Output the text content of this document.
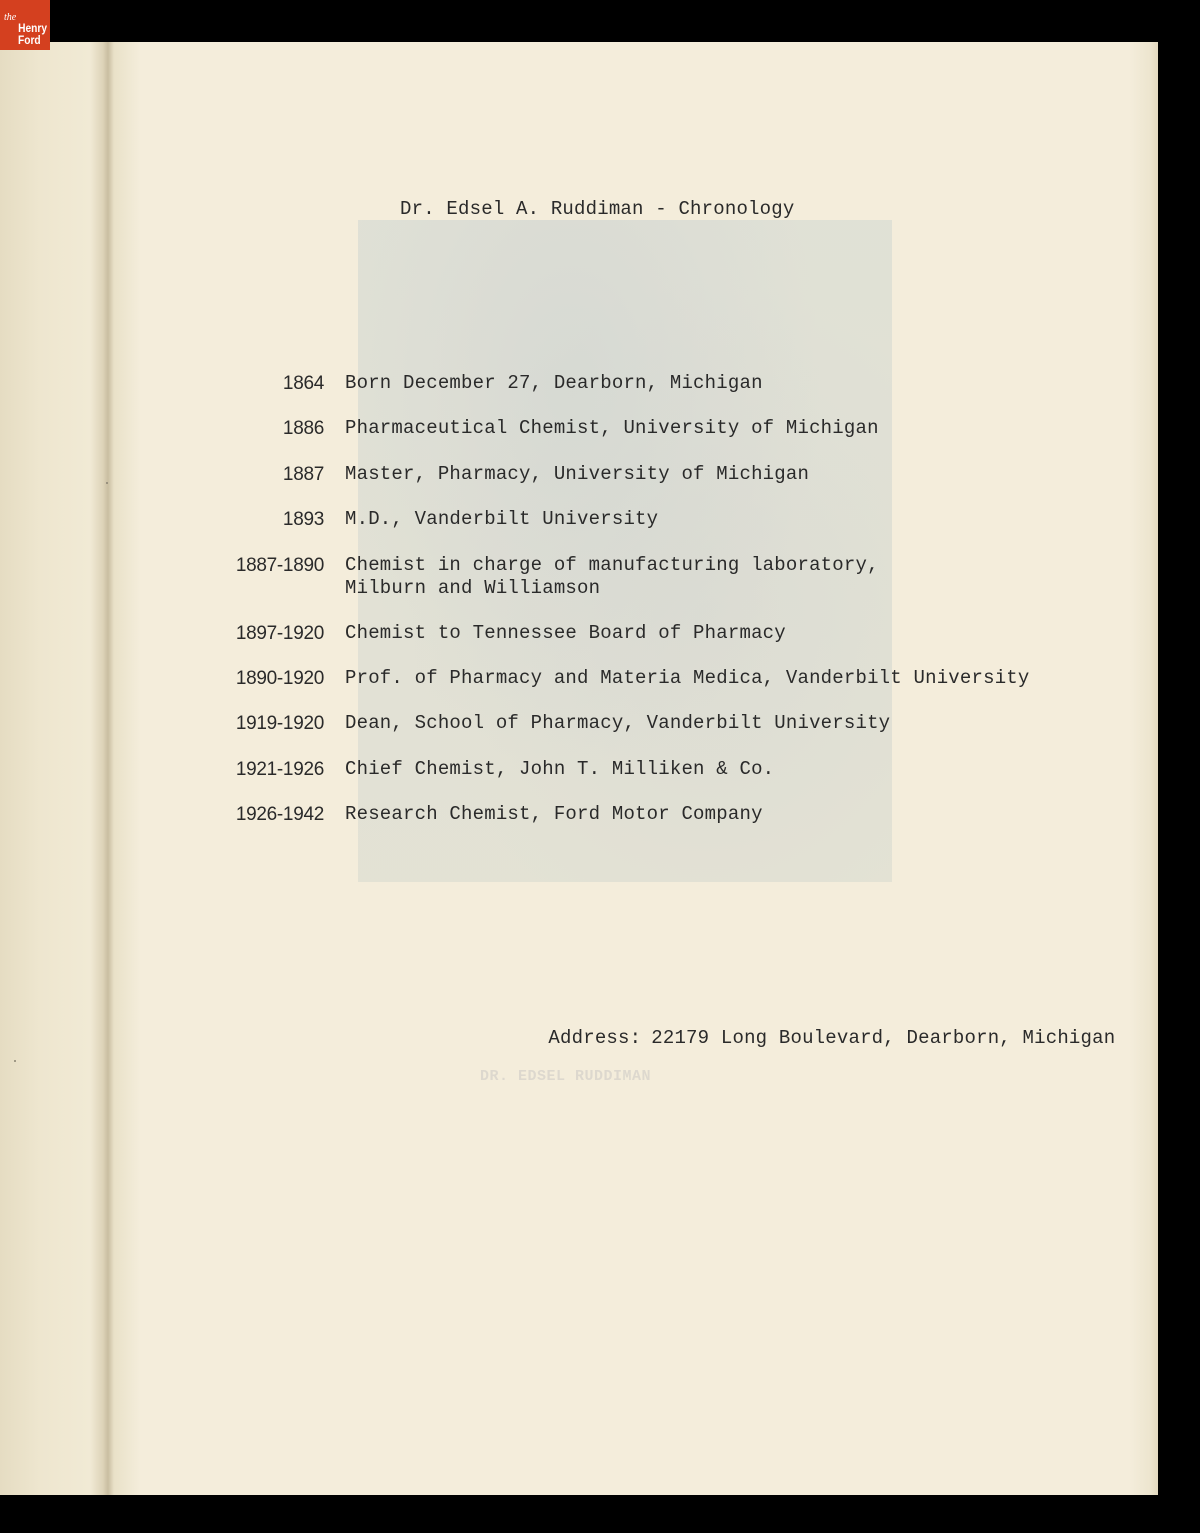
the
Henry
Ford
DR. EDSEL RUDDIMAN
Dr. Edsel A. Ruddiman - Chronology
1864 Born December 27, Dearborn, Michigan
1886 Pharmaceutical Chemist, University of Michigan
1887 Master, Pharmacy, University of Michigan
1893 M.D., Vanderbilt University
1887-1890 Chemist in charge of manufacturing laboratory,
Milburn and Williamson
1897-1920 Chemist to Tennessee Board of Pharmacy
1890-1920 Prof. of Pharmacy and Materia Medica, Vanderbilt University
1919-1920 Dean, School of Pharmacy, Vanderbilt University
1921-1926 Chief Chemist, John T. Milliken & Co.
1926-1942 Research Chemist, Ford Motor Company

Address: 22179 Long Boulevard, Dearborn, Michigan
